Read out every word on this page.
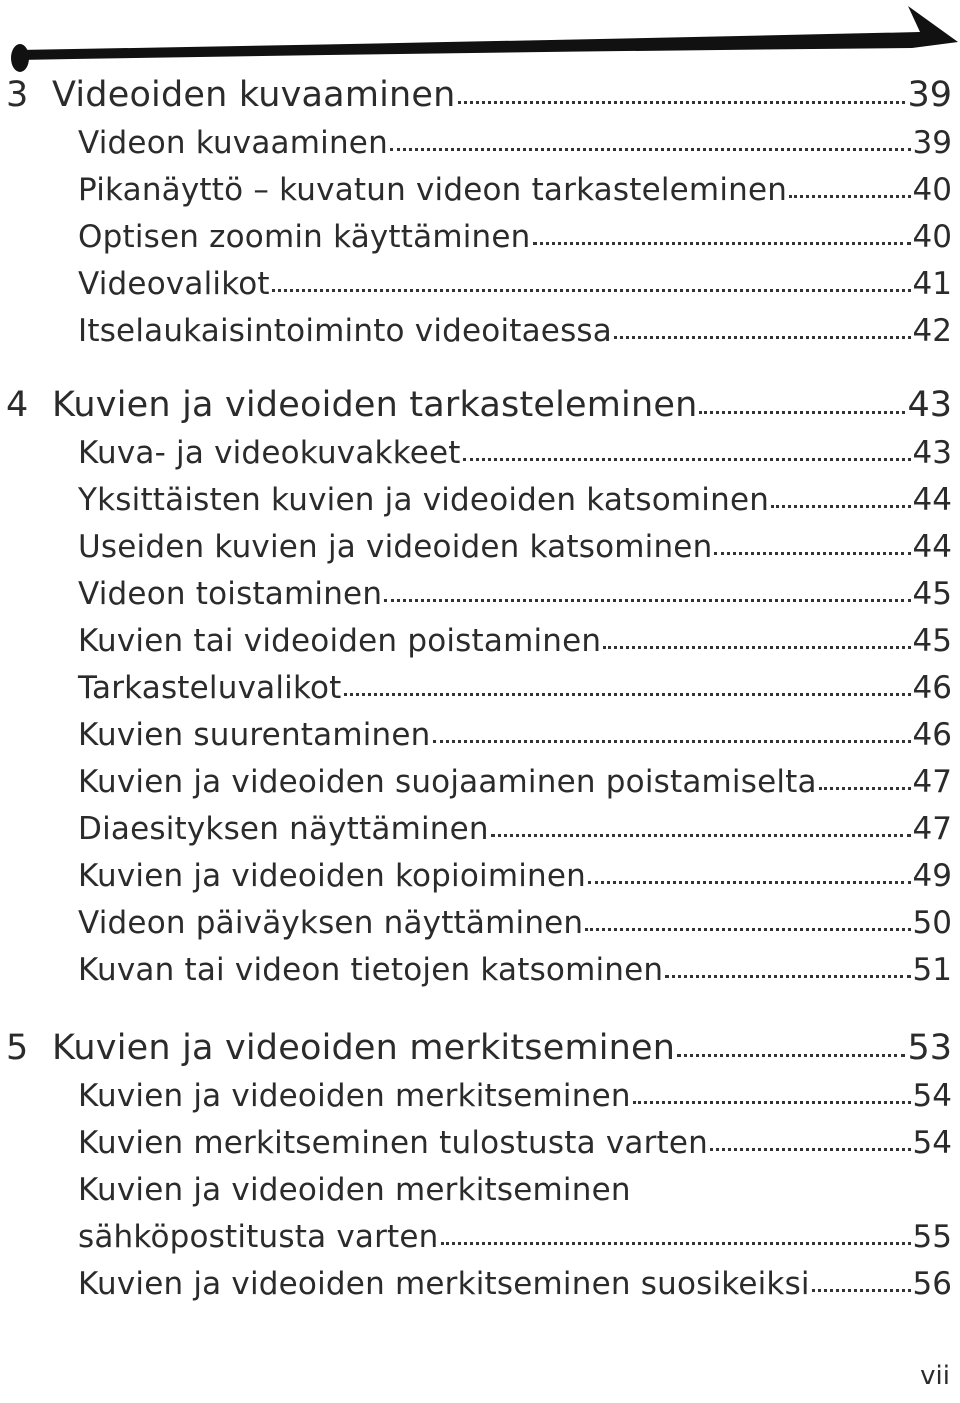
3 Videoiden kuvaaminen	39
Videon kuvaaminen	39
Pikanäyttö – kuvatun videon tarkasteleminen	40
Optisen zoomin käyttäminen	40
Videovalikot	41
Itselaukaisintoiminto videoitaessa	42
4 Kuvien ja videoiden tarkasteleminen	43
Kuva- ja videokuvakkeet	43
Yksittäisten kuvien ja videoiden katsominen	44
Useiden kuvien ja videoiden katsominen	44
Videon toistaminen	45
Kuvien tai videoiden poistaminen	45
Tarkasteluvalikot	46
Kuvien suurentaminen	46
Kuvien ja videoiden suojaaminen poistamiselta	47
Diaesityksen näyttäminen	47
Kuvien ja videoiden kopioiminen	49
Videon päiväyksen näyttäminen	50
Kuvan tai videon tietojen katsominen	51
5 Kuvien ja videoiden merkitseminen	53
Kuvien ja videoiden merkitseminen	54
Kuvien merkitseminen tulostusta varten	54
Kuvien ja videoiden merkitseminen
sähköpostitusta varten	55
Kuvien ja videoiden merkitseminen suosikeiksi	56
vii
